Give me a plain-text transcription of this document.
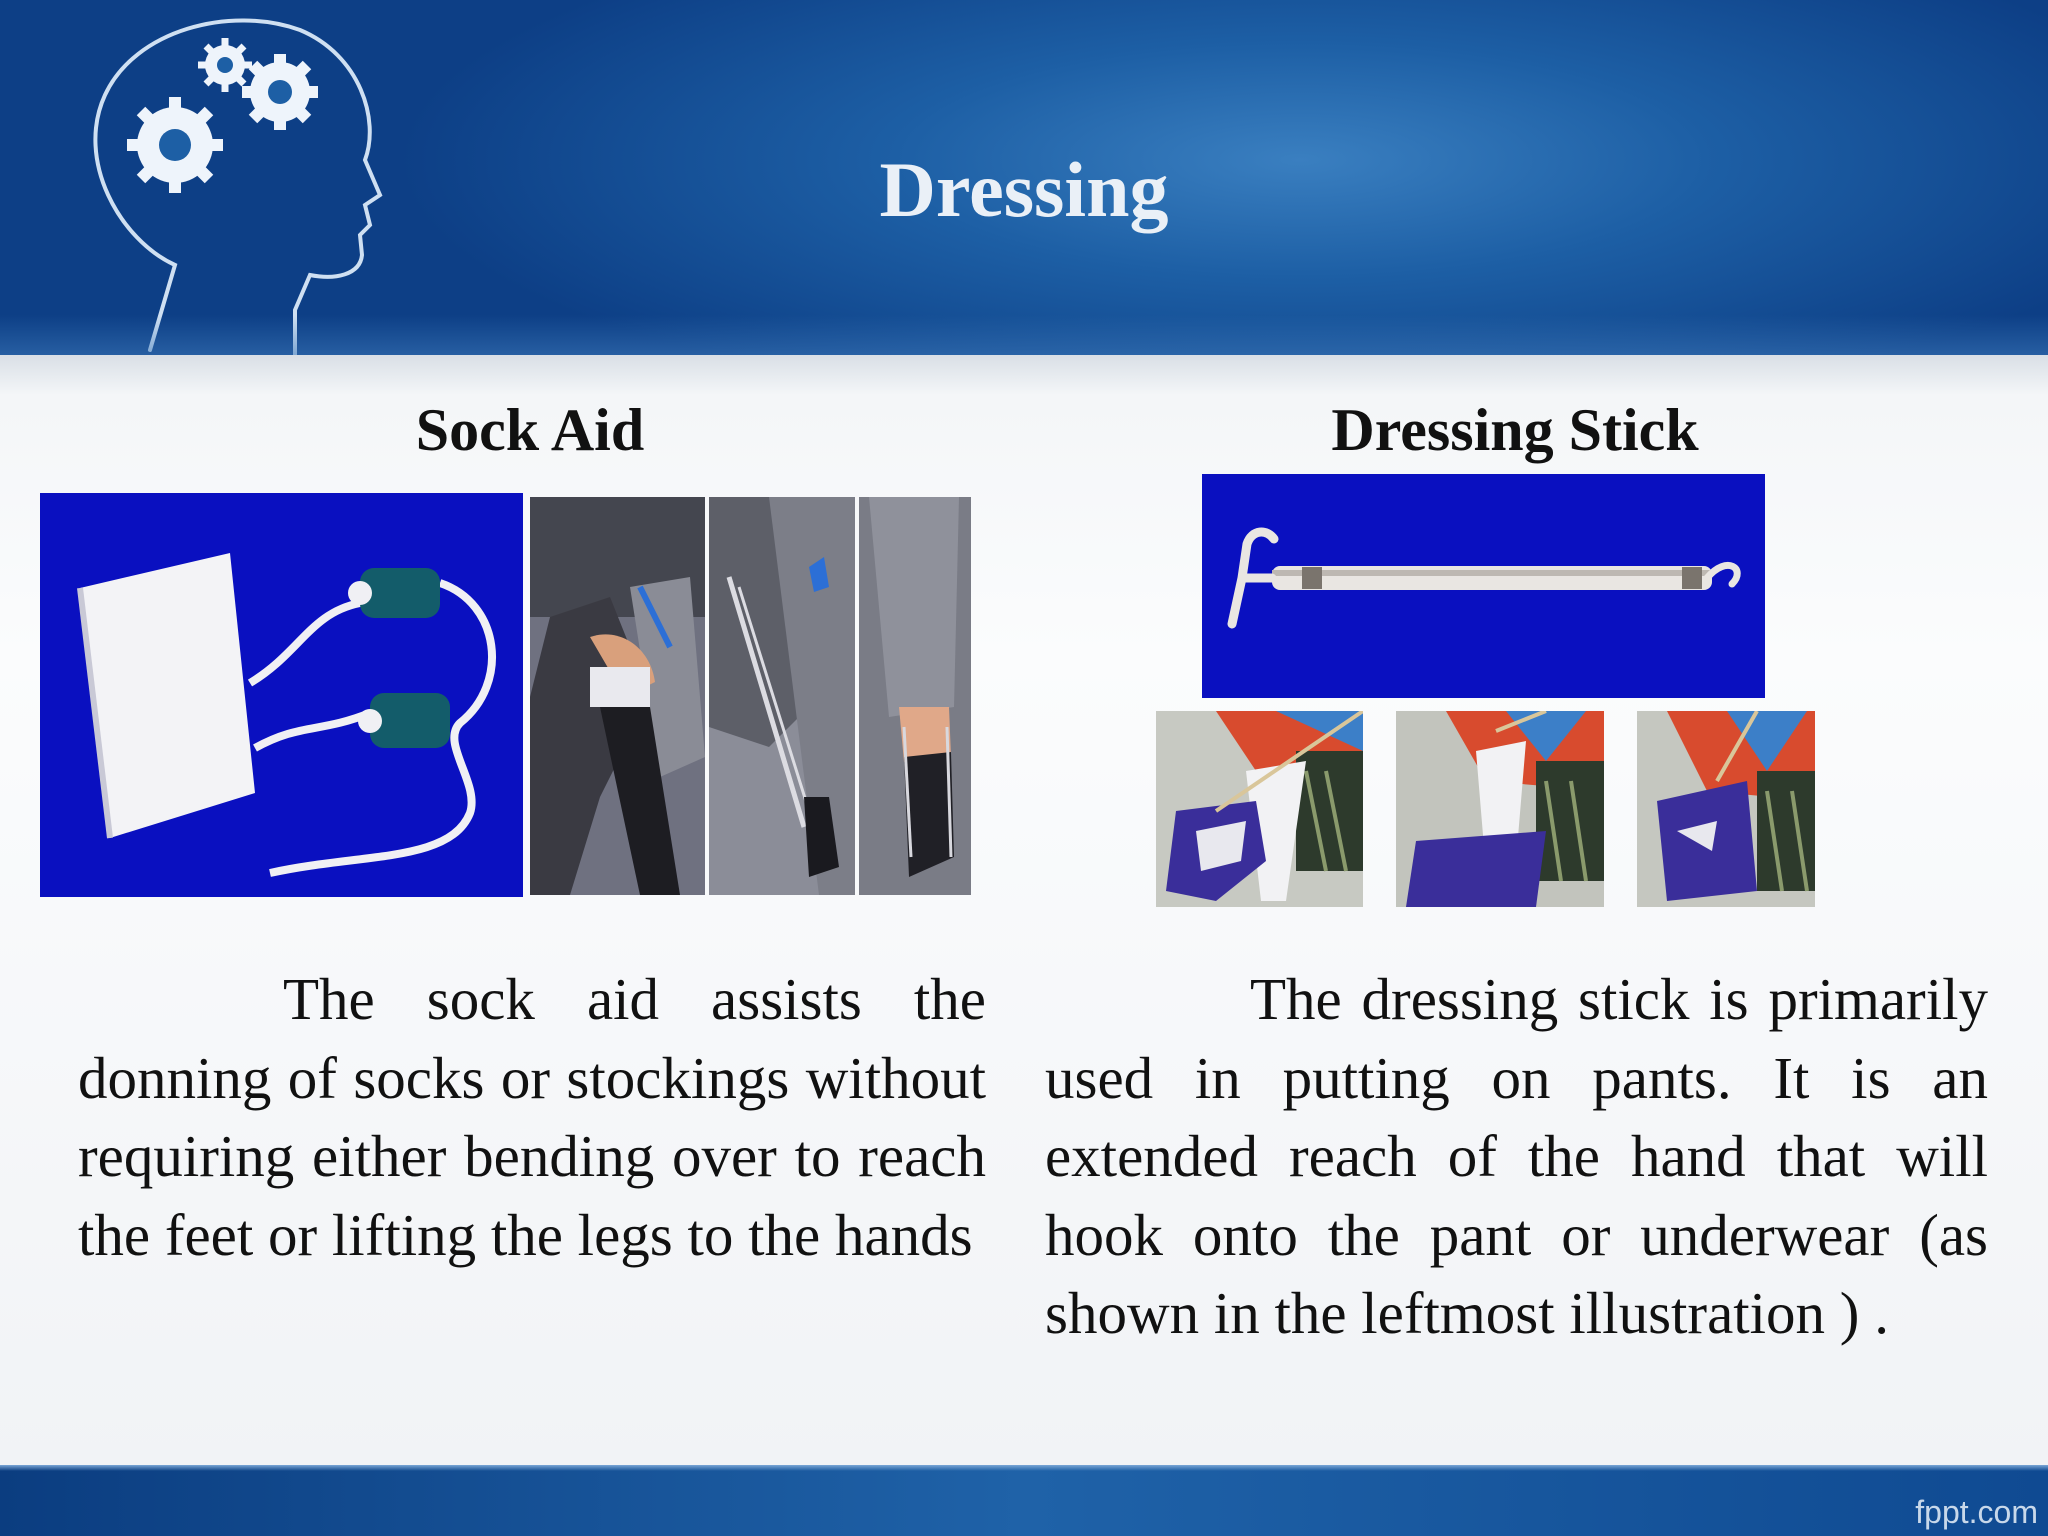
Dressing
Sock Aid	Dressing Stick

The sock aid assists the donning of socks or stockings without requiring either bending over to reach the feet or lifting the legs to the hands

The dressing stick is primarily used in putting on pants. It is an extended reach of the hand that will hook onto the pant or underwear (as shown in the leftmost illustration ) .

fppt.com
